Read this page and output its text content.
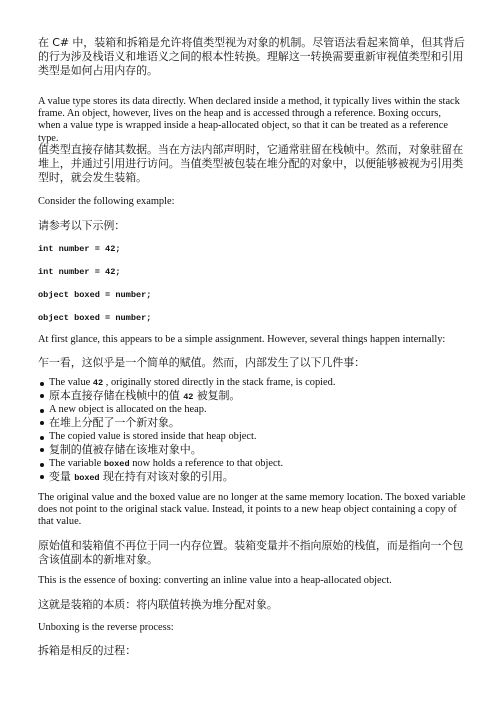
在 C# 中，装箱和拆箱是允许将值类型视为对象的机制。尽管语法看起来简单，但其背后的行为涉及栈语义和堆语义之间的根本性转换。理解这一转换需要重新审视值类型和引用类型是如何占用内存的。

A value type stores its data directly. When declared inside a method, it typically lives within the stack frame. An object, however, lives on the heap and is accessed through a reference. Boxing occurs, when a value type is wrapped inside a heap-allocated object, so that it can be treated as a reference type.

值类型直接存储其数据。当在方法内部声明时，它通常驻留在栈帧中。然而，对象驻留在堆上，并通过引用进行访问。当值类型被包装在堆分配的对象中，以便能够被视为引用类型时，就会发生装箱。

Consider the following example:

请参考以下示例：

int number = 42;
int number = 42;
object boxed = number;
object boxed = number;

At first glance, this appears to be a simple assignment. However, several things happen internally:

乍一看，这似乎是一个简单的赋值。然而，内部发生了以下几件事：

The value 42 , originally stored directly in the stack frame, is copied.
原本直接存储在栈帧中的值 42 被复制。
A new object is allocated on the heap.
在堆上分配了一个新对象。
The copied value is stored inside that heap object.
复制的值被存储在该堆对象中。
The variable boxed now holds a reference to that object.
变量 boxed 现在持有对该对象的引用。

The original value and the boxed value are no longer at the same memory location. The boxed variable does not point to the original stack value. Instead, it points to a new heap object containing a copy of that value.

原始值和装箱值不再位于同一内存位置。装箱变量并不指向原始的栈值，而是指向一个包含该值副本的新堆对象。

This is the essence of boxing: converting an inline value into a heap-allocated object.

这就是装箱的本质：将内联值转换为堆分配对象。

Unboxing is the reverse process:

拆箱是相反的过程：
